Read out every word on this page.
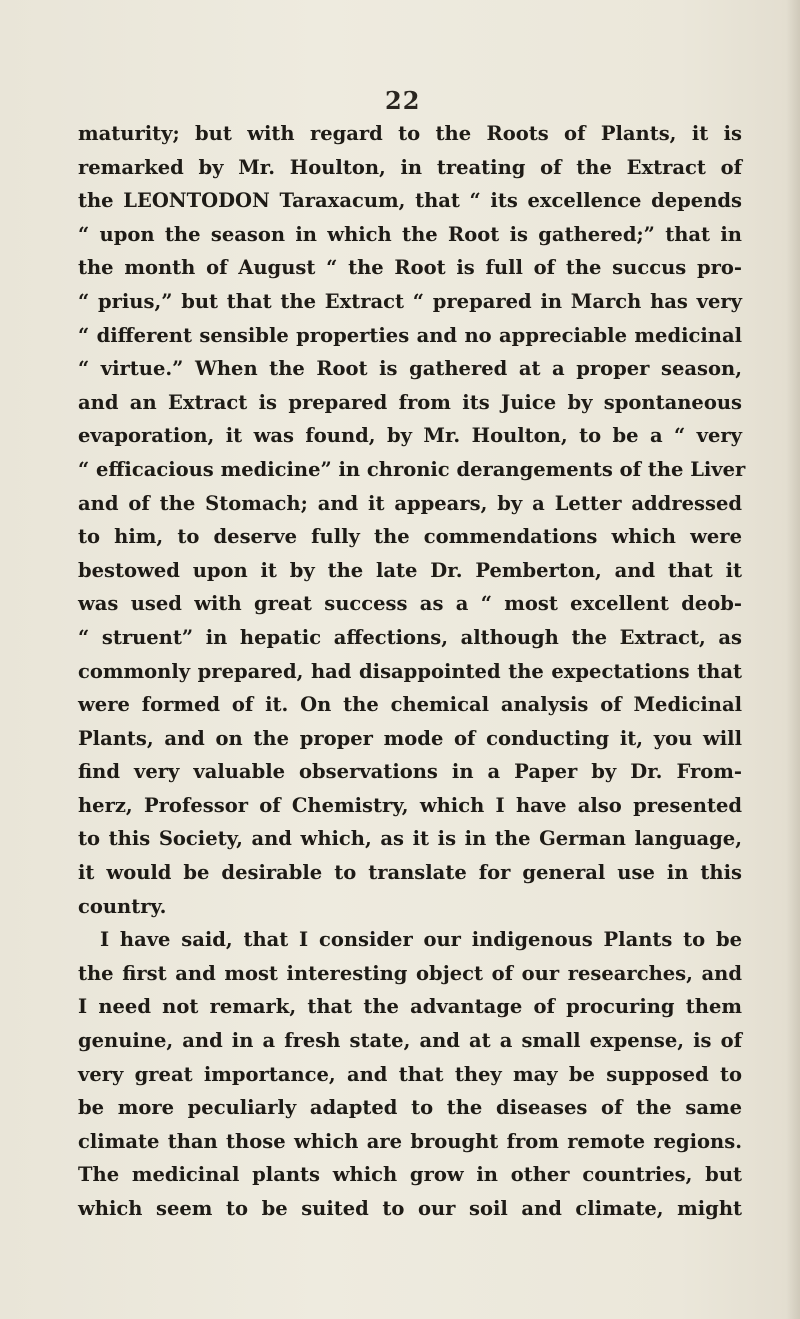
22

maturity; but with regard to the Roots of Plants, it is
remarked by Mr. Houlton, in treating of the Extract of
the LEONTODON Taraxacum, that “ its excellence depends
“ upon the season in which the Root is gathered;” that in
the month of August “ the Root is full of the succus pro-
“ prius,” but that the Extract “ prepared in March has very
“ different sensible properties and no appreciable medicinal
“ virtue.” When the Root is gathered at a proper season,
and an Extract is prepared from its Juice by spontaneous
evaporation, it was found, by Mr. Houlton, to be a “ very
“ efficacious medicine” in chronic derangements of the Liver
and of the Stomach; and it appears, by a Letter addressed
to him, to deserve fully the commendations which were
bestowed upon it by the late Dr. Pemberton, and that it
was used with great success as a “ most excellent deob-
“ struent” in hepatic affections, although the Extract, as
commonly prepared, had disappointed the expectations that
were formed of it. On the chemical analysis of Medicinal
Plants, and on the proper mode of conducting it, you will
find very valuable observations in a Paper by Dr. From-
herz, Professor of Chemistry, which I have also presented
to this Society, and which, as it is in the German language,
it would be desirable to translate for general use in this
country.
I have said, that I consider our indigenous Plants to be
the first and most interesting object of our researches, and
I need not remark, that the advantage of procuring them
genuine, and in a fresh state, and at a small expense, is of
very great importance, and that they may be supposed to
be more peculiarly adapted to the diseases of the same
climate than those which are brought from remote regions.
The medicinal plants which grow in other countries, but
which seem to be suited to our soil and climate, might
